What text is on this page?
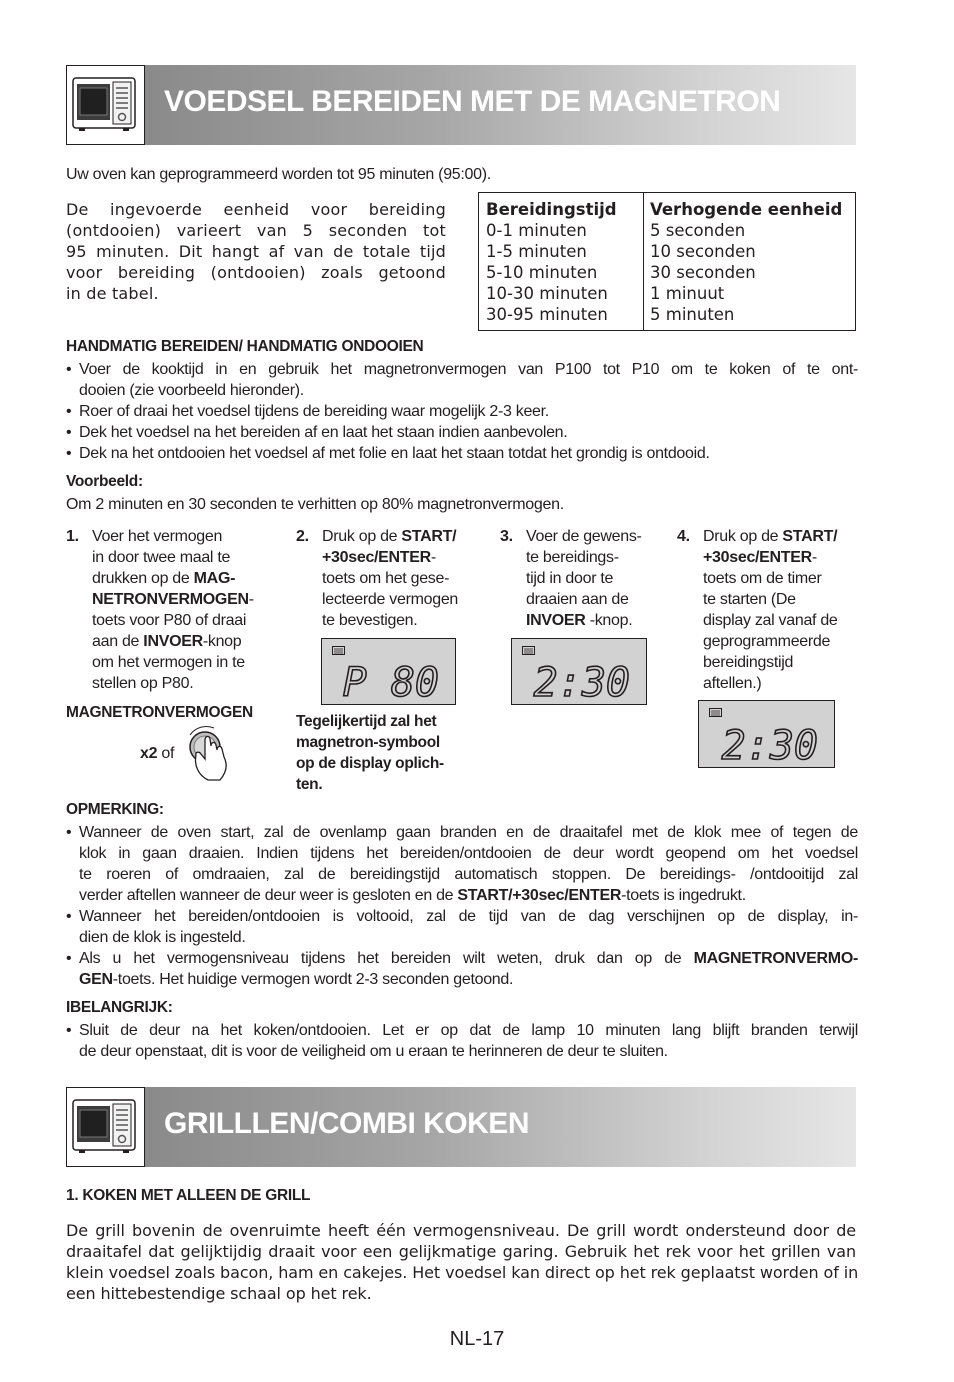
VOEDSEL BEREIDEN MET DE MAGNETRON
Uw oven kan geprogrammeerd worden tot 95 minuten (95:00).
De ingevoerde eenheid voor bereiding
(ontdooien) varieert van 5 seconden tot
95 minuten. Dit hangt af van de totale tijd
voor bereiding (ontdooien) zoals getoond
in de tabel.
Bereidingstijd
0-1 minuten
1-5 minuten
5-10 minuten
10-30 minuten
30-95 minuten
Verhogende eenheid
5 seconden
10 seconden
30 seconden
1 minuut
5 minuten
HANDMATIG BEREIDEN/ HANDMATIG ONDOOIEN
• Voer de kooktijd in en gebruik het magnetronvermogen van P100 tot P10 om te koken of te ont-
dooien (zie voorbeeld hieronder).
• Roer of draai het voedsel tijdens de bereiding waar mogelijk 2-3 keer.
• Dek het voedsel na het bereiden af en laat het staan indien aanbevolen.
• Dek na het ontdooien het voedsel af met folie en laat het staan totdat het grondig is ontdooid.
Voorbeeld:
Om 2 minuten en 30 seconden te verhitten op 80% magnetronvermogen.
1. Voer het vermogen
in door twee maal te
drukken op de MAG-
NETRONVERMOGEN-
toets voor P80 of draai
aan de INVOER-knop
om het vermogen in te
stellen op P80.
MAGNETRONVERMOGEN
x2 of
2. Druk op de START/
+30sec/ENTER-
toets om het gese-
lecteerde vermogen
te bevestigen.
P 80
Tegelijkertijd zal het
magnetron-symbool
op de display oplich-
ten.
3. Voer de gewens-
te bereidings-
tijd in door te
draaien aan de
INVOER -knop.
2:30
4. Druk op de START/
+30sec/ENTER-
toets om de timer
te starten (De
display zal vanaf de
geprogrammeerde
bereidingstijd
aftellen.)
2:30
OPMERKING:
• Wanneer de oven start, zal de ovenlamp gaan branden en de draaitafel met de klok mee of tegen de
klok in gaan draaien. Indien tijdens het bereiden/ontdooien de deur wordt geopend om het voedsel
te roeren of omdraaien, zal de bereidingstijd automatisch stoppen. De bereidings- /ontdooitijd zal
verder aftellen wanneer de deur weer is gesloten en de START/+30sec/ENTER-toets is ingedrukt.
• Wanneer het bereiden/ontdooien is voltooid, zal de tijd van de dag verschijnen op de display, in-
dien de klok is ingesteld.
• Als u het vermogensniveau tijdens het bereiden wilt weten, druk dan op de MAGNETRONVERMO-
GEN-toets. Het huidige vermogen wordt 2-3 seconden getoond.
IBELANGRIJK:
• Sluit de deur na het koken/ontdooien. Let er op dat de lamp 10 minuten lang blijft branden terwijl
de deur openstaat, dit is voor de veiligheid om u eraan te herinneren de deur te sluiten.
GRILLLEN/COMBI KOKEN
1. KOKEN MET ALLEEN DE GRILL
De grill bovenin de ovenruimte heeft één vermogensniveau. De grill wordt ondersteund door de
draaitafel dat gelijktijdig draait voor een gelijkmatige garing. Gebruik het rek voor het grillen van
klein voedsel zoals bacon, ham en cakejes. Het voedsel kan direct op het rek geplaatst worden of in
een hittebestendige schaal op het rek.
NL-17
